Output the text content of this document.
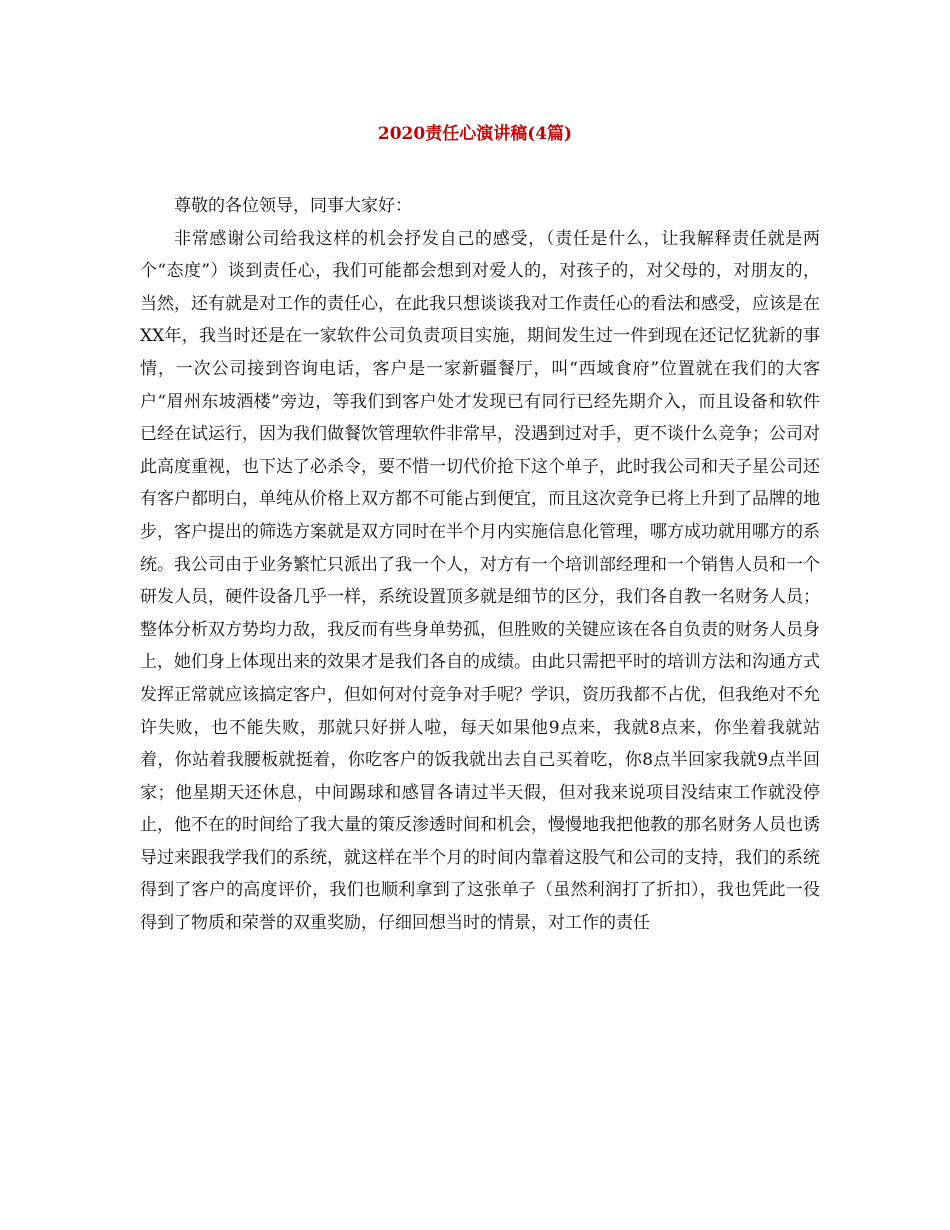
2020责任心演讲稿(4篇)

尊敬的各位领导，同事大家好：

非常感谢公司给我这样的机会抒发自己的感受，（责任是什么，让我解释责任就是两个“态度”）谈到责任心，我们可能都会想到对爱人的，对孩子的，对父母的，对朋友的，当然，还有就是对工作的责任心，在此我只想谈谈我对工作责任心的看法和感受，应该是在XX年，我当时还是在一家软件公司负责项目实施，期间发生过一件到现在还记忆犹新的事情，一次公司接到咨询电话，客户是一家新疆餐厅，叫“西域食府”位置就在我们的大客户“眉州东坡酒楼”旁边，等我们到客户处才发现已有同行已经先期介入，而且设备和软件已经在试运行，因为我们做餐饮管理软件非常早，没遇到过对手，更不谈什么竞争；公司对此高度重视，也下达了必杀令，要不惜一切代价抢下这个单子，此时我公司和天子星公司还有客户都明白，单纯从价格上双方都不可能占到便宜，而且这次竞争已将上升到了品牌的地步，客户提出的筛选方案就是双方同时在半个月内实施信息化管理，哪方成功就用哪方的系统。我公司由于业务繁忙只派出了我一个人，对方有一个培训部经理和一个销售人员和一个研发人员，硬件设备几乎一样，系统设置顶多就是细节的区分，我们各自教一名财务人员；整体分析双方势均力敌，我反而有些身单势孤，但胜败的关键应该在各自负责的财务人员身上，她们身上体现出来的效果才是我们各自的成绩。由此只需把平时的培训方法和沟通方式发挥正常就应该搞定客户，但如何对付竞争对手呢？学识，资历我都不占优，但我绝对不允许失败，也不能失败，那就只好拼人啦，每天如果他9点来，我就8点来，你坐着我就站着，你站着我腰板就挺着，你吃客户的饭我就出去自己买着吃，你8点半回家我就9点半回家；他星期天还休息，中间踢球和感冒各请过半天假，但对我来说项目没结束工作就没停止，他不在的时间给了我大量的策反渗透时间和机会，慢慢地我把他教的那名财务人员也诱导过来跟我学我们的系统，就这样在半个月的时间内靠着这股气和公司的支持，我们的系统得到了客户的高度评价，我们也顺利拿到了这张单子（虽然利润打了折扣），我也凭此一役得到了物质和荣誉的双重奖励，仔细回想当时的情景，对工作的责任
